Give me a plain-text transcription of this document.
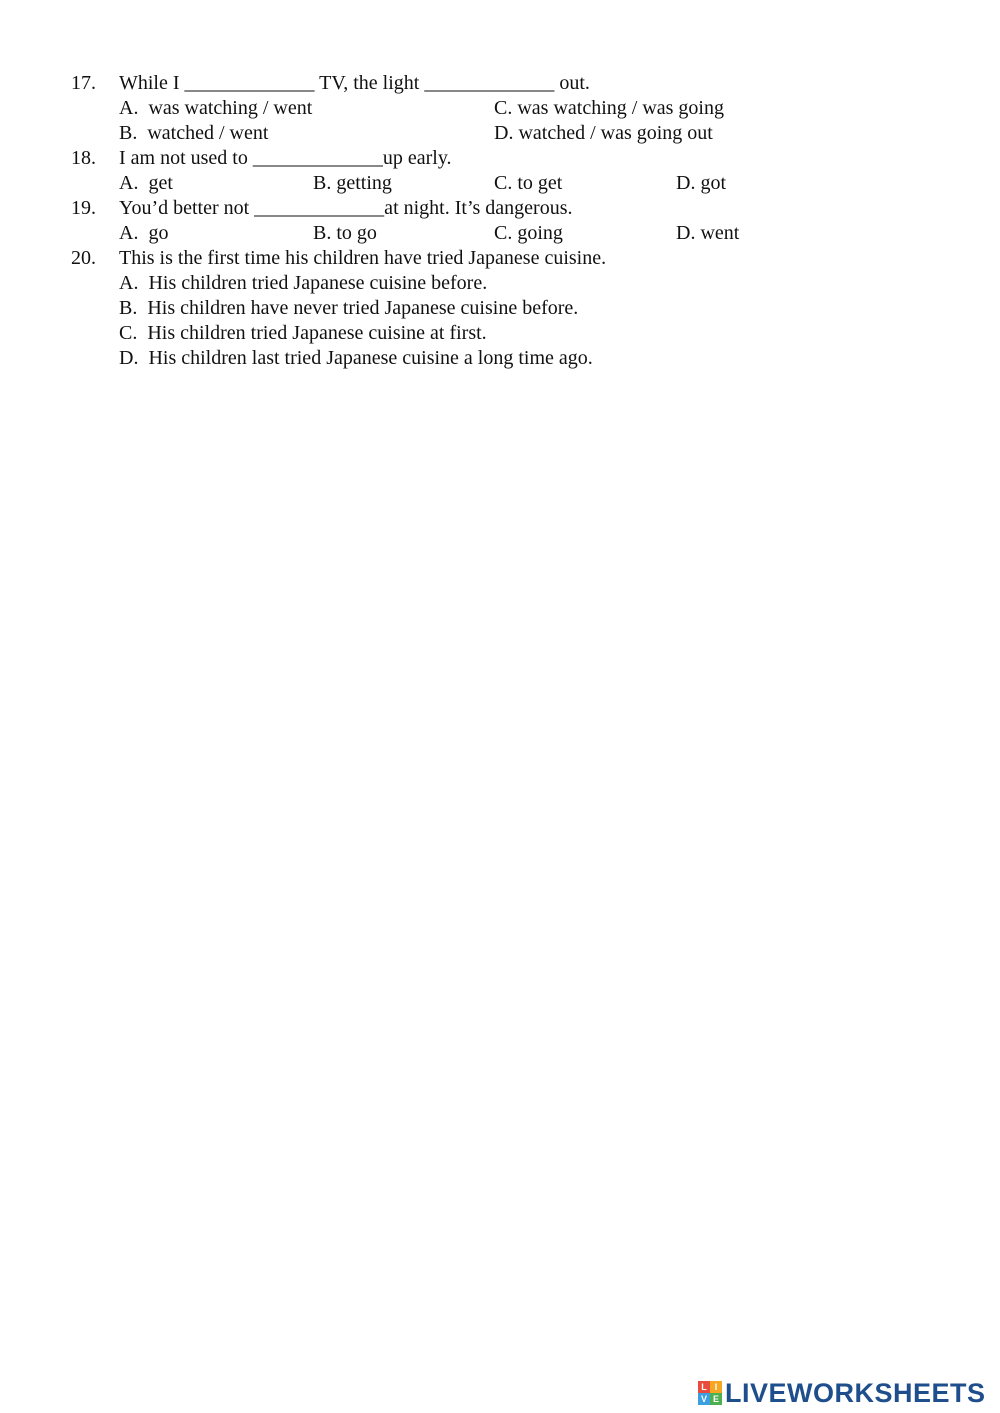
17. While I _____________ TV, the light _____________ out.
A. was watching / went	C. was watching / was going
B. watched / went	D. watched / was going out
18. I am not used to _____________up early.
A. get	B. getting	C. to get	D. got
19. You’d better not _____________at night. It’s dangerous.
A. go	B. to go	C. going	D. went
20. This is the first time his children have tried Japanese cuisine.
A. His children tried Japanese cuisine before.
B. His children have never tried Japanese cuisine before.
C. His children tried Japanese cuisine at first.
D. His children last tried Japanese cuisine a long time ago.
L I
V E LIVEWORKSHEETS
